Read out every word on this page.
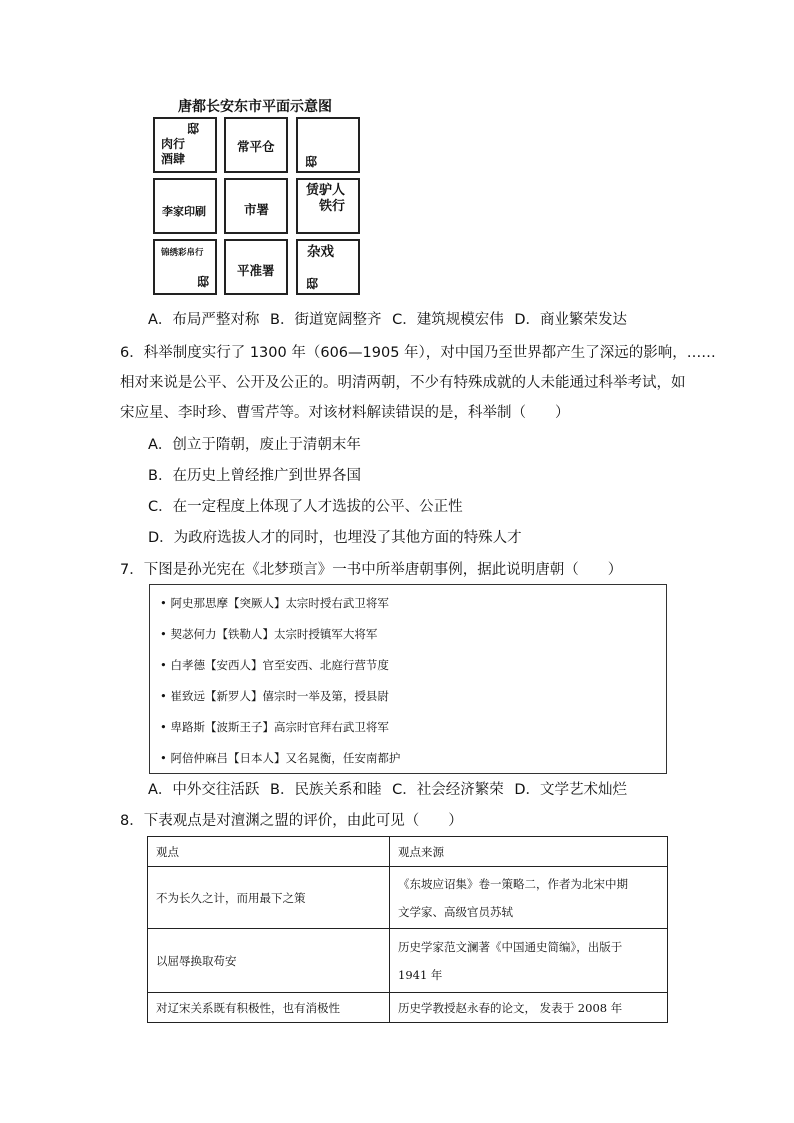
唐都长安东市平面示意图
邸
肉行
酒肆
常平仓
邸
李家印刷	市署
赁驴人
铁行
锦绣彩帛行
邸
平准署
杂戏
邸
A．布局严整对称 B．街道宽阔整齐 C．建筑规模宏伟 D．商业繁荣发达
6．科举制度实行了 1300 年（606—1905 年），对中国乃至世界都产生了深远的影响，……
相对来说是公平、公开及公正的。明清两朝，不少有特殊成就的人未能通过科举考试，如
宋应星、李时珍、曹雪芹等。对该材料解读错误的是，科举制（　　）
A．创立于隋朝，废止于清朝末年
B．在历史上曾经推广到世界各国
C．在一定程度上体现了人才选拔的公平、公正性
D．为政府选拔人才的同时，也埋没了其他方面的特殊人才
7．下图是孙光宪在《北梦琐言》一书中所举唐朝事例，据此说明唐朝（　　）
• 阿史那思摩【突厥人】太宗时授右武卫将军
• 契苾何力【铁勒人】太宗时授镇军大将军
• 白孝德【安西人】官至安西、北庭行营节度
• 崔致远【新罗人】僖宗时一举及第，授县尉
• 卑路斯【波斯王子】高宗时官拜右武卫将军
• 阿倍仲麻吕【日本人】又名晁衡，任安南都护
A．中外交往活跃 B．民族关系和睦 C．社会经济繁荣 D．文学艺术灿烂
8．下表观点是对澶渊之盟的评价，由此可见（　　）
观点	观点来源
不为长久之计，而用最下之策	《东坡应诏集》卷一策略二，作者为北宋中期
文学家、高级官员苏轼

以屈辱换取苟安	历史学家范文澜著《中国通史简编》，出版于
1941 年

对辽宋关系既有积极性，也有消极性	历史学教授赵永春的论文， 发表于 2008 年
